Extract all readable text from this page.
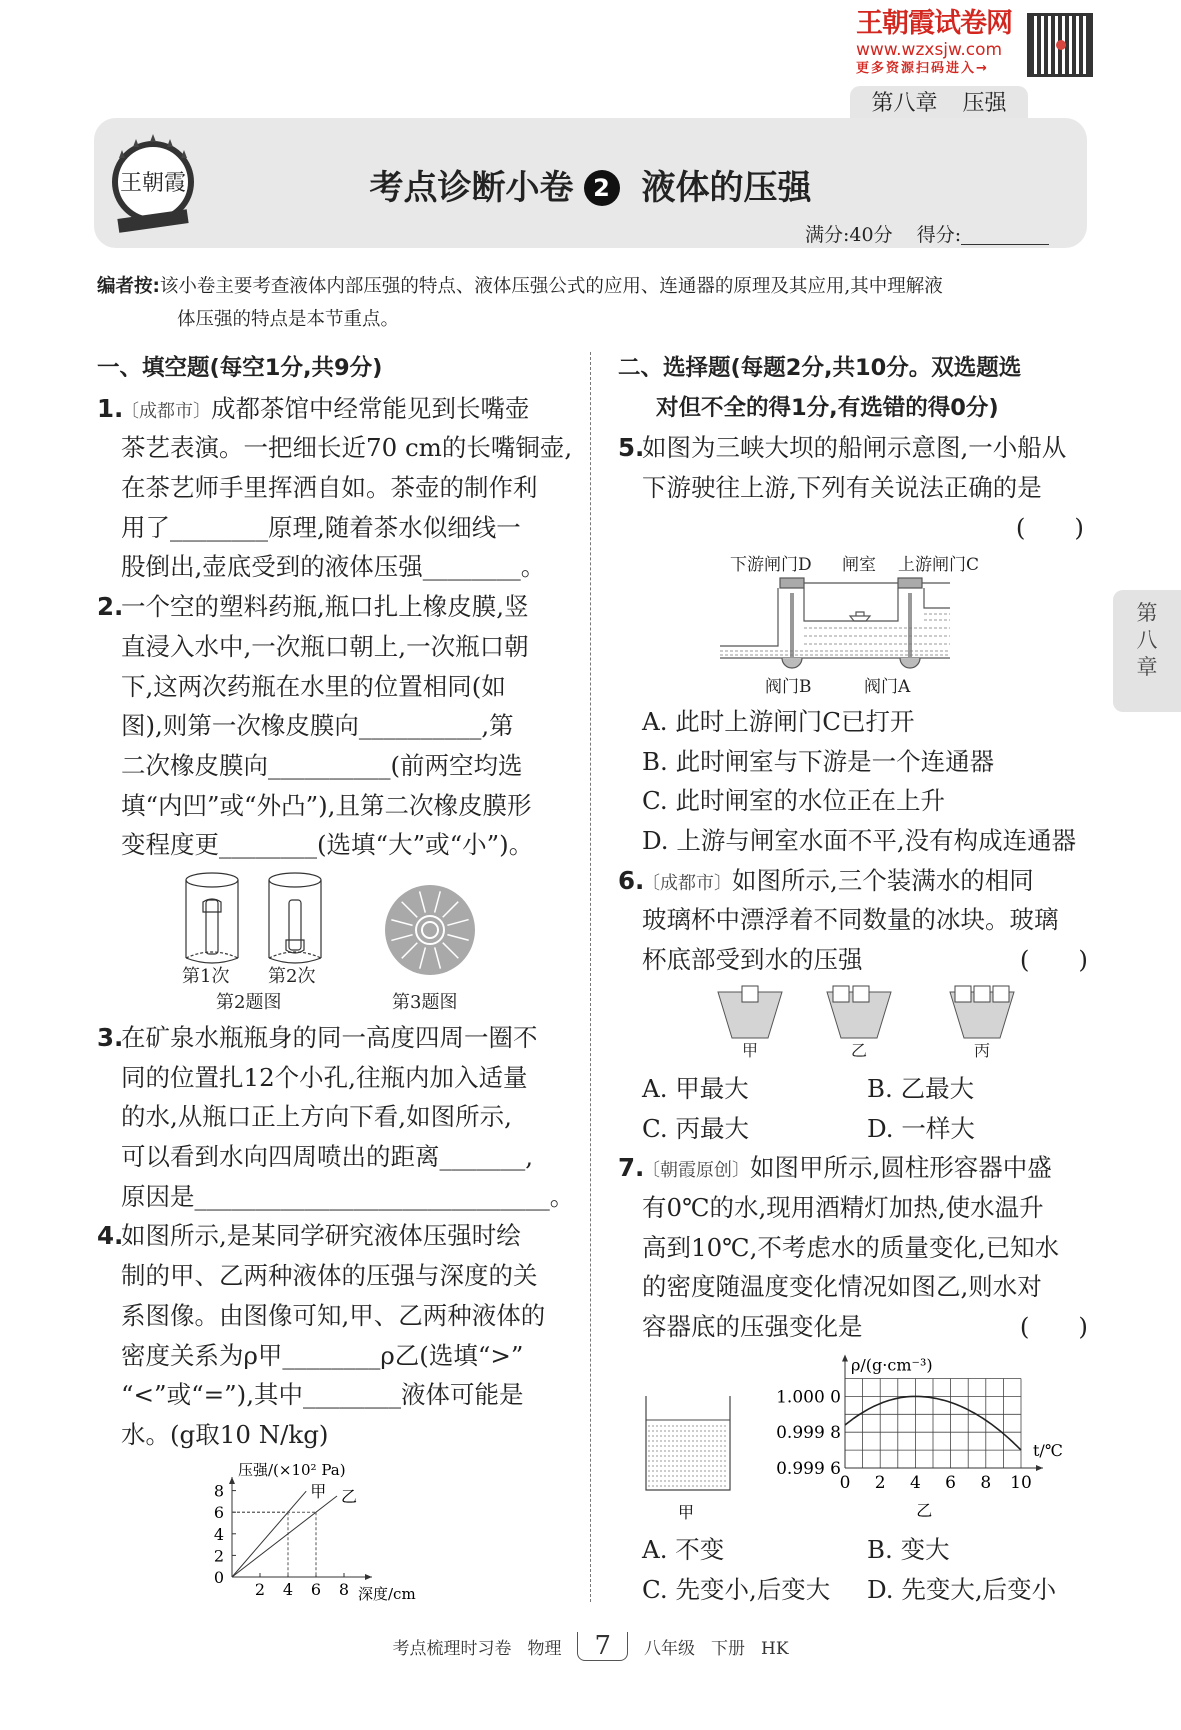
王朝霞试卷网
www.wzxsjw.com
更多资源扫码进入→
第八章 压强
王朝霞	考点诊断小卷 2 液体的压强
满分:40分 得分:
编者按:该小卷主要考查液体内部压强的特点、液体压强公式的应用、连通器的原理及其应用,其中理解液
体压强的特点是本节重点。
一、填空题(每空1分,共9分)
1.〔成都市〕成都茶馆中经常能见到长嘴壶
茶艺表演。一把细长近70 cm的长嘴铜壶,
在茶艺师手里挥洒自如。茶壶的制作利
用了________原理,随着茶水似细线一
股倒出,壶底受到的液体压强________。
2.一个空的塑料药瓶,瓶口扎上橡皮膜,竖
直浸入水中,一次瓶口朝上,一次瓶口朝
下,这两次药瓶在水里的位置相同(如
图),则第一次橡皮膜向__________,第
二次橡皮膜向__________(前两空均选
填“内凹”或“外凸”),且第二次橡皮膜形
变程度更________(选填“大”或“小”)。
第1次 第2次
第2题图	第3题图
3.在矿泉水瓶瓶身的同一高度四周一圈不
同的位置扎12个小孔,往瓶内加入适量
的水,从瓶口正上方向下看,如图所示,
可以看到水向四周喷出的距离_______,
原因是_____________________________。
4.如图所示,是某同学研究液体压强时绘
制的甲、乙两种液体的压强与深度的关
系图像。由图像可知,甲、乙两种液体的
密度关系为ρ甲________ρ乙(选填“>”
“<”或“=”),其中________液体可能是
水。(g取10 N/kg)
2 4 6 8
0
2
4
6
8
压强/(×10² Pa)
深度/cm
甲 乙
二、选择题(每题2分,共10分。双选题选
对但不全的得1分,有选错的得0分)
5.如图为三峡大坝的船闸示意图,一小船从
下游驶往上游,下列有关说法正确的是
(　　)
下游闸门D 闸室 上游闸门C
阀门B	阀门A
A. 此时上游闸门C已打开
B. 此时闸室与下游是一个连通器
C. 此时闸室的水位正在上升
D. 上游与闸室水面不平,没有构成连通器
6.〔成都市〕如图所示,三个装满水的相同
玻璃杯中漂浮着不同数量的冰块。玻璃
杯底部受到水的压强	(　　)
甲	乙	丙
A. 甲最大	B. 乙最大
C. 丙最大	D. 一样大
7.〔朝霞原创〕如图甲所示,圆柱形容器中盛
有0℃的水,现用酒精灯加热,使水温升
高到10℃,不考虑水的质量变化,已知水
的密度随温度变化情况如图乙,则水对
容器底的压强变化是	(　　)
甲
0 2 4 6 8 10
0.999 6
0.999 8
1.000 0
ρ/(g·cm⁻³)
t/℃
乙
A. 不变	B. 变大
C. 先变小,后变大	D. 先变大,后变小
第
八
章
考点梳理时习卷 物理 7 八年级 下册 HK
